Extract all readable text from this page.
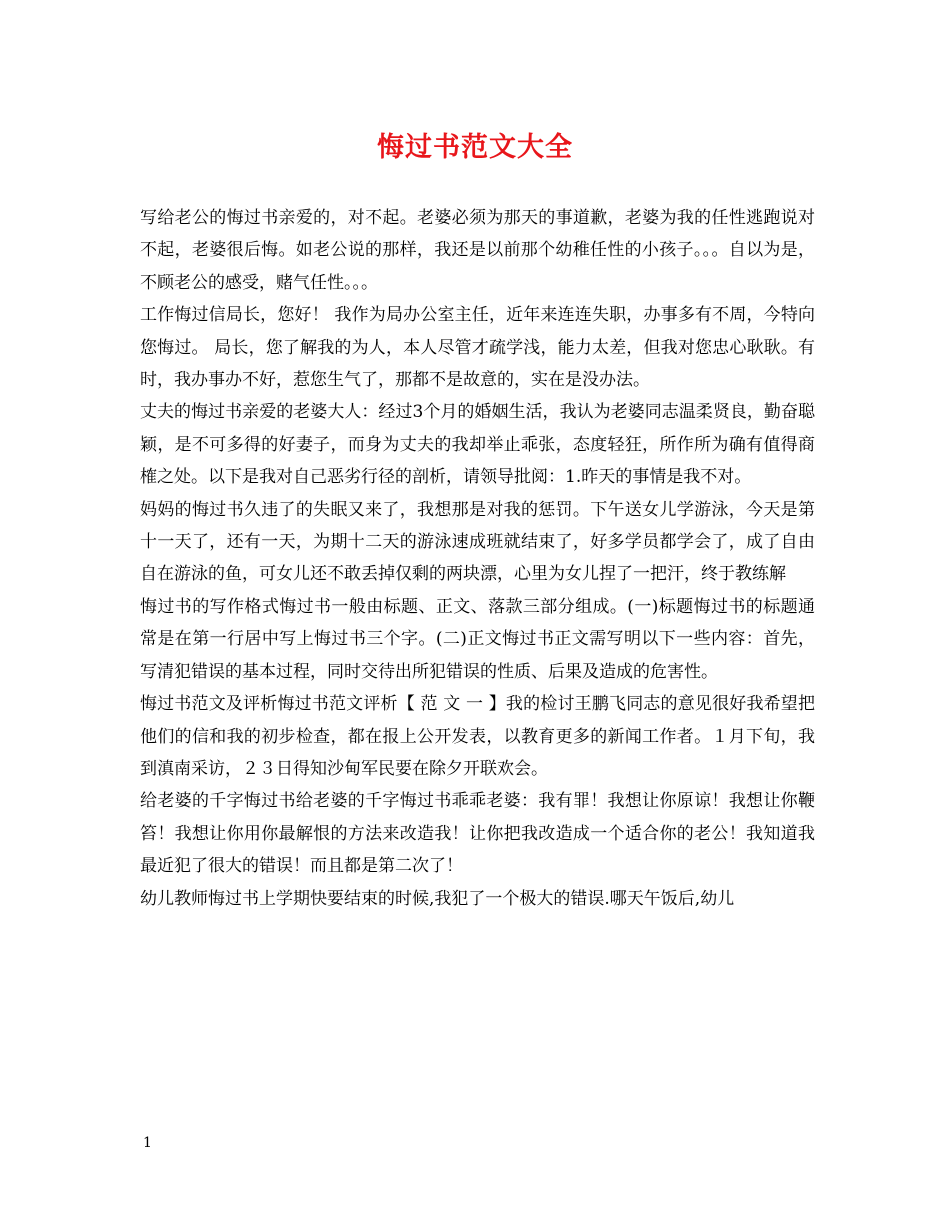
悔过书范文大全

写给老公的悔过书亲爱的，对不起。老婆必须为那天的事道歉，老婆为我的任性逃跑说对不起，老婆很后悔。如老公说的那样，我还是以前那个幼稚任性的小孩子。。。自以为是，不顾老公的感受，赌气任性。。。

工作悔过信局长，您好！ 我作为局办公室主任，近年来连连失职，办事多有不周，今特向您悔过。 局长，您了解我的为人，本人尽管才疏学浅，能力太差，但我对您忠心耿耿。有时，我办事办不好，惹您生气了，那都不是故意的，实在是没办法。

丈夫的悔过书亲爱的老婆大人：经过3个月的婚姻生活，我认为老婆同志温柔贤良，勤奋聪颖，是不可多得的好妻子，而身为丈夫的我却举止乖张，态度轻狂，所作所为确有值得商榷之处。以下是我对自己恶劣行径的剖析，请领导批阅：1.昨天的事情是我不对。

妈妈的悔过书久违了的失眠又来了，我想那是对我的惩罚。下午送女儿学游泳，今天是第十一天了，还有一天，为期十二天的游泳速成班就结束了，好多学员都学会了，成了自由自在游泳的鱼，可女儿还不敢丢掉仅剩的两块漂，心里为女儿捏了一把汗，终于教练解

悔过书的写作格式悔过书一般由标题、正文、落款三部分组成。(一)标题悔过书的标题通常是在第一行居中写上悔过书三个字。(二)正文悔过书正文需写明以下一些内容：首先，写清犯错误的基本过程，同时交待出所犯错误的性质、后果及造成的危害性。

悔过书范文及评析悔过书范文评析【 范 文 一 】我的检讨王鹏飞同志的意见很好我希望把他们的信和我的初步检查，都在报上公开发表，以教育更多的新闻工作者。１月下旬，我到滇南采访，２３日得知沙甸军民要在除夕开联欢会。

给老婆的千字悔过书给老婆的千字悔过书乖乖老婆：我有罪！我想让你原谅！我想让你鞭笞！我想让你用你最解恨的方法来改造我！让你把我改造成一个适合你的老公！我知道我最近犯了很大的错误！而且都是第二次了！

幼儿教师悔过书上学期快要结束的时候,我犯了一个极大的错误.哪天午饭后,幼儿

1
